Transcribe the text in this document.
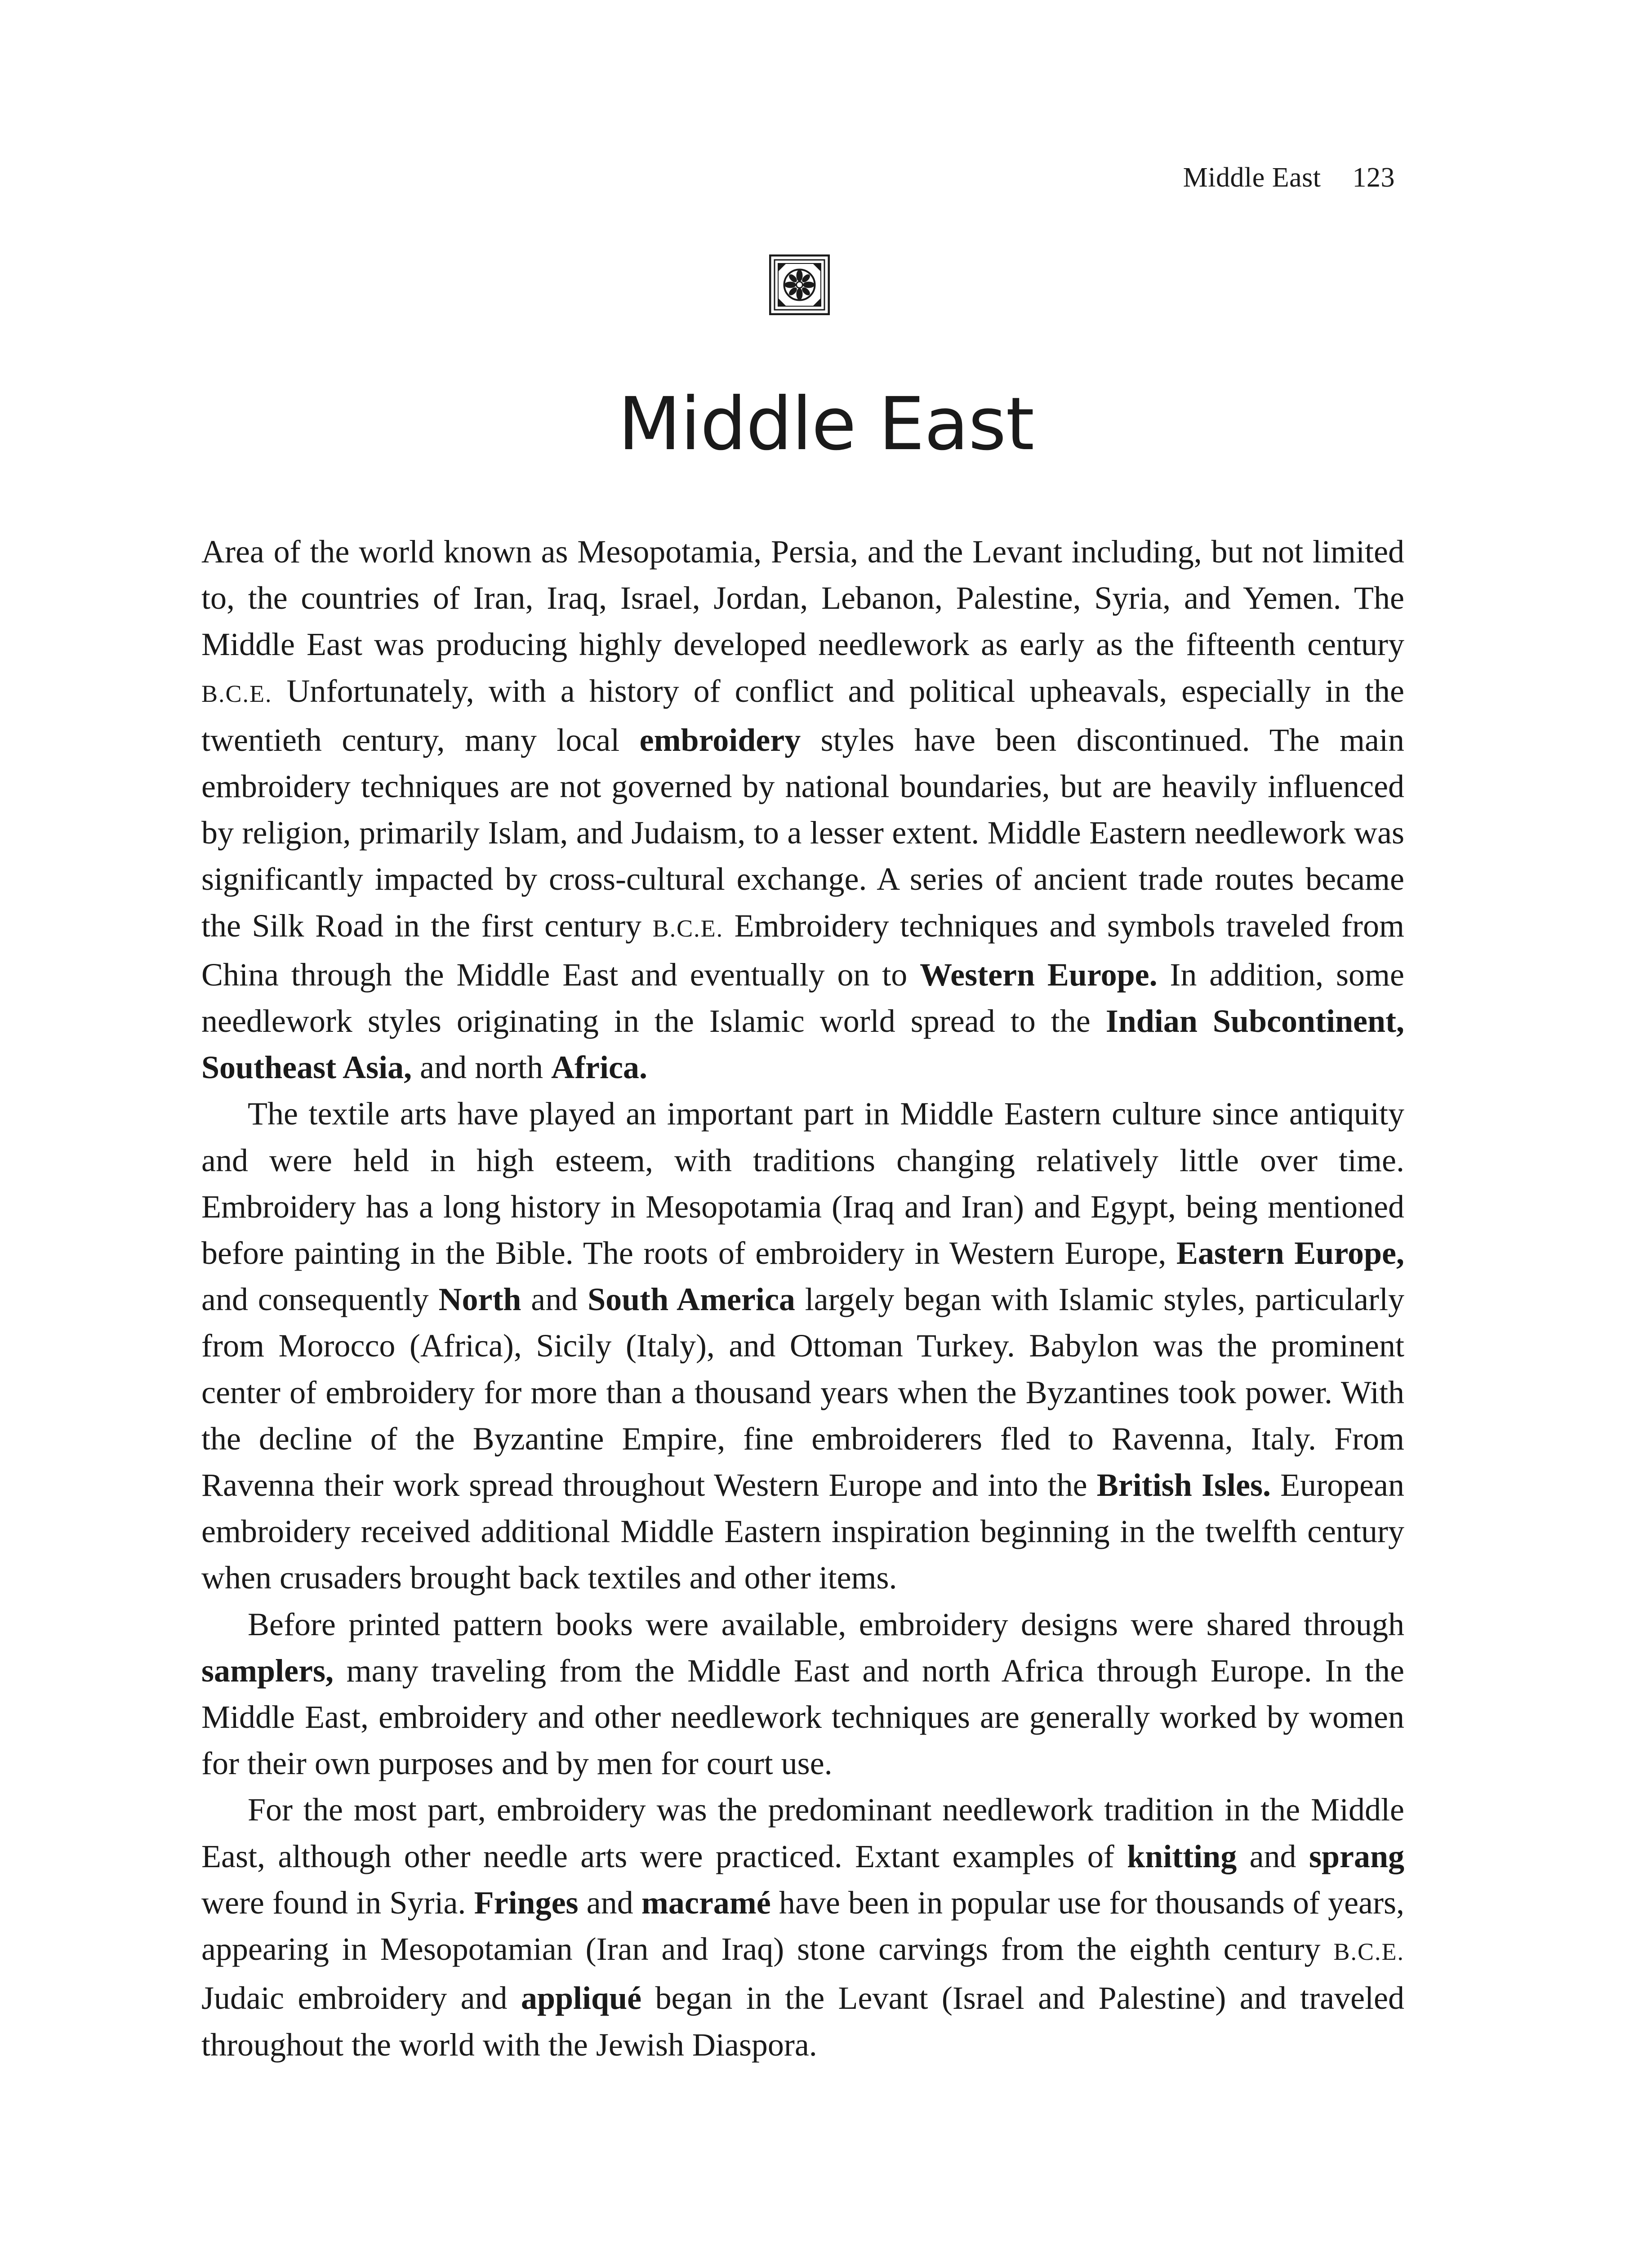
Middle East 123
Middle East

Area of the world known as Mesopotamia, Persia, and the Levant including, but not limited to, the countries of Iran, Iraq, Israel, Jordan, Lebanon, Palestine, Syria, and Yemen. The Middle East was producing highly developed needlework as early as the fifteenth century B.C.E. Unfortunately, with a history of conflict and political upheavals, especially in the twentieth century, many local embroidery styles have been discontinued. The main embroidery techniques are not governed by national boundaries, but are heavily influenced by religion, primarily Islam, and Judaism, to a lesser extent. Middle Eastern needlework was significantly impacted by cross-cultural exchange. A series of ancient trade routes became the Silk Road in the first century B.C.E. Embroidery techniques and symbols traveled from China through the Middle East and eventually on to Western Europe. In addition, some needlework styles originating in the Islamic world spread to the Indian Subcontinent, Southeast Asia, and north Africa.

The textile arts have played an important part in Middle Eastern culture since antiquity and were held in high esteem, with traditions changing relatively little over time. Embroidery has a long history in Mesopotamia (Iraq and Iran) and Egypt, being mentioned before painting in the Bible. The roots of embroidery in Western Europe, Eastern Europe, and consequently North and South America largely began with Islamic styles, particularly from Morocco (Africa), Sicily (Italy), and Ottoman Turkey. Babylon was the prominent center of embroidery for more than a thousand years when the Byzantines took power. With the decline of the Byzantine Empire, fine embroiderers fled to Ravenna, Italy. From Ravenna their work spread throughout Western Europe and into the British Isles. European embroidery received additional Middle Eastern inspiration beginning in the twelfth century when crusaders brought back textiles and other items.

Before printed pattern books were available, embroidery designs were shared through samplers, many traveling from the Middle East and north Africa through Europe. In the Middle East, embroidery and other needlework techniques are generally worked by women for their own purposes and by men for court use.

For the most part, embroidery was the predominant needlework tradition in the Middle East, although other needle arts were practiced. Extant examples of knitting and sprang were found in Syria. Fringes and macramé have been in popular use for thousands of years, appearing in Mesopotamian (Iran and Iraq) stone carvings from the eighth century B.C.E. Judaic embroidery and appliqué began in the Levant (Israel and Palestine) and traveled throughout the world with the Jewish Diaspora.
